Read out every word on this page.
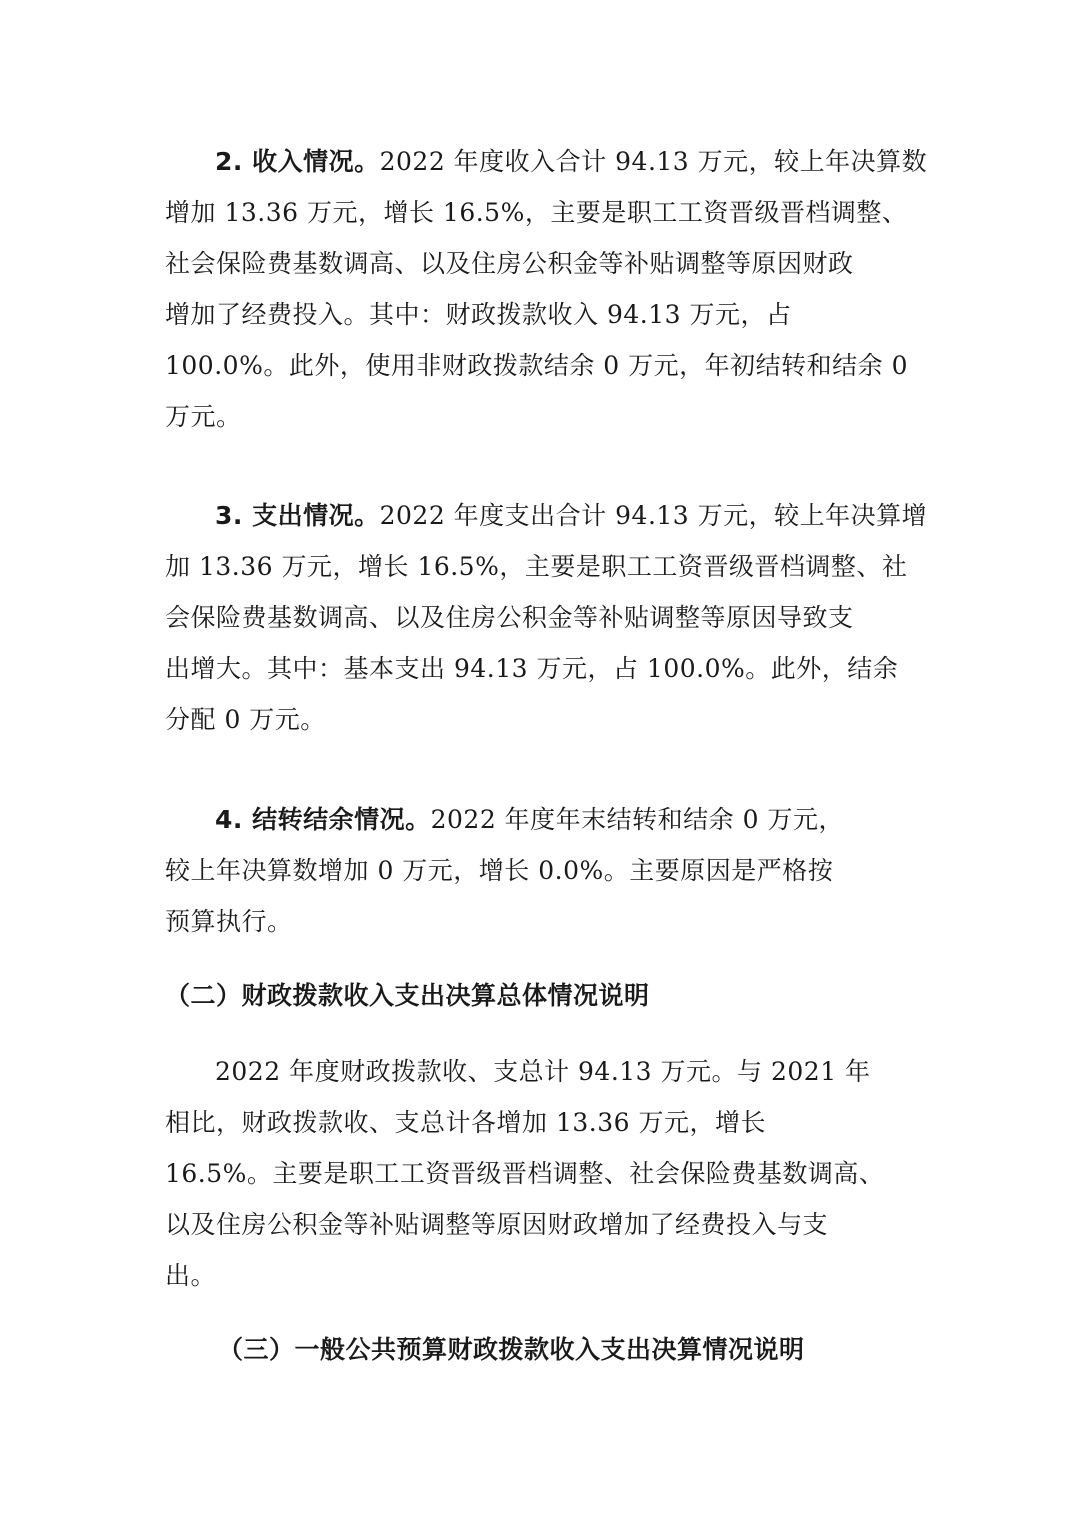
2. 收入情况。2022 年度收入合计 94.13 万元，较上年决算数
增加 13.36 万元，增长 16.5%，主要是职工工资晋级晋档调整、
社会保险费基数调高、以及住房公积金等补贴调整等原因财政
增加了经费投入。其中：财政拨款收入 94.13 万元，占
100.0%。此外，使用非财政拨款结余 0 万元，年初结转和结余 0
万元。
3. 支出情况。2022 年度支出合计 94.13 万元，较上年决算增
加 13.36 万元，增长 16.5%，主要是职工工资晋级晋档调整、社
会保险费基数调高、以及住房公积金等补贴调整等原因导致支
出增大。其中：基本支出 94.13 万元，占 100.0%。此外，结余
分配 0 万元。
4. 结转结余情况。2022 年度年末结转和结余 0 万元，
较上年决算数增加 0 万元，增长 0.0%。主要原因是严格按
预算执行。
（二）财政拨款收入支出决算总体情况说明
2022 年度财政拨款收、支总计 94.13 万元。与 2021 年
相比，财政拨款收、支总计各增加 13.36 万元，增长
16.5%。主要是职工工资晋级晋档调整、社会保险费基数调高、
以及住房公积金等补贴调整等原因财政增加了经费投入与支
出。
（三）一般公共预算财政拨款收入支出决算情况说明
